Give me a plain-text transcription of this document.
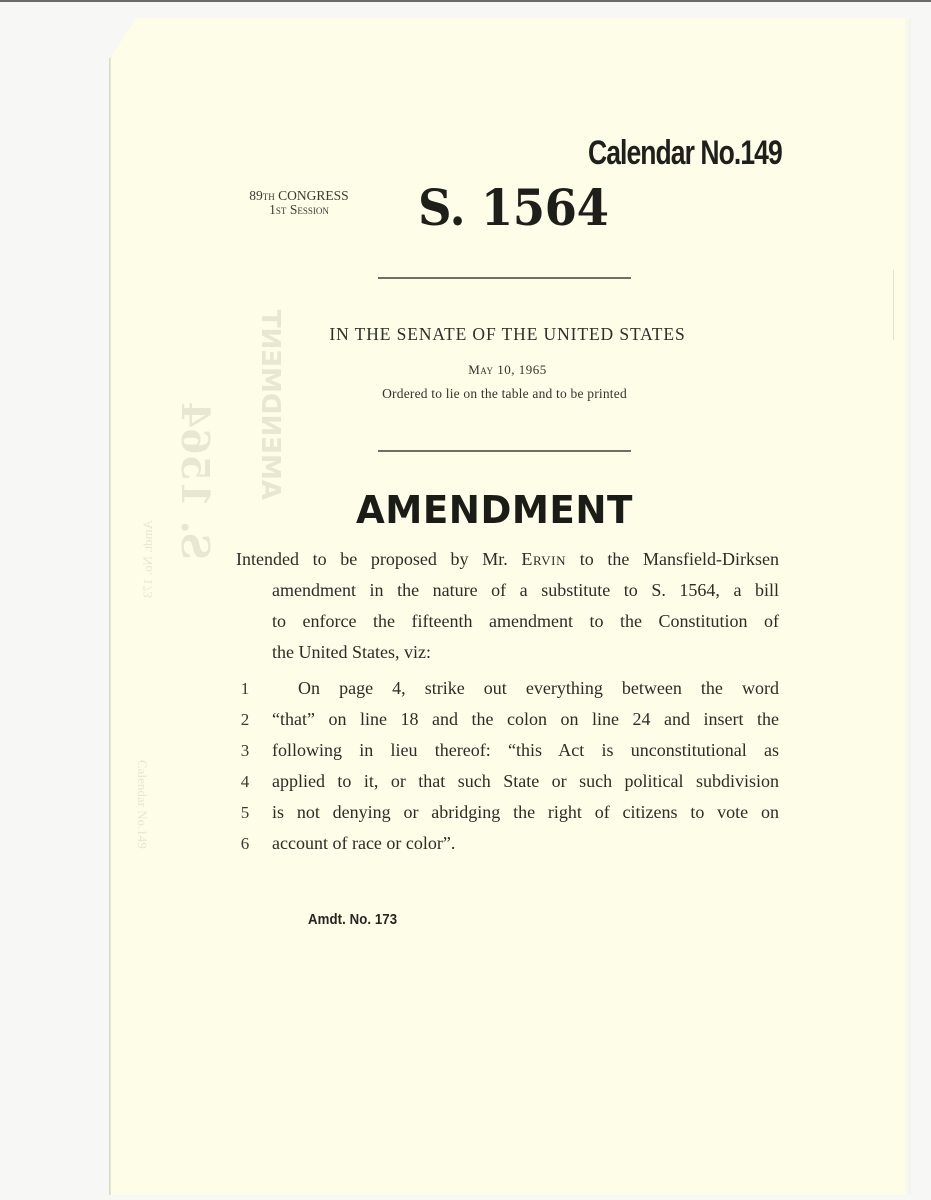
Amdt. No. 173
Calendar No.149
S. 1564 AMENDMENT
Calendar No.149
89th CONGRESS
1st Session	S. 1564
IN THE SENATE OF THE UNITED STATES
May 10, 1965
Ordered to lie on the table and to be printed
AMENDMENT
Intended to be proposed by Mr. Ervin to the Mansfield-Dirksen
amendment in the nature of a substitute to S. 1564, a bill
to enforce the fifteenth amendment to the Constitution of
the United States, viz:
1	On page 4, strike out everything between the word
2 “that” on line 18 and the colon on line 24 and insert the
3 following in lieu thereof: “this Act is unconstitutional as
4 applied to it, or that such State or such political subdivision
5 is not denying or abridging the right of citizens to vote on
6 account of race or color”.
Amdt. No. 173
